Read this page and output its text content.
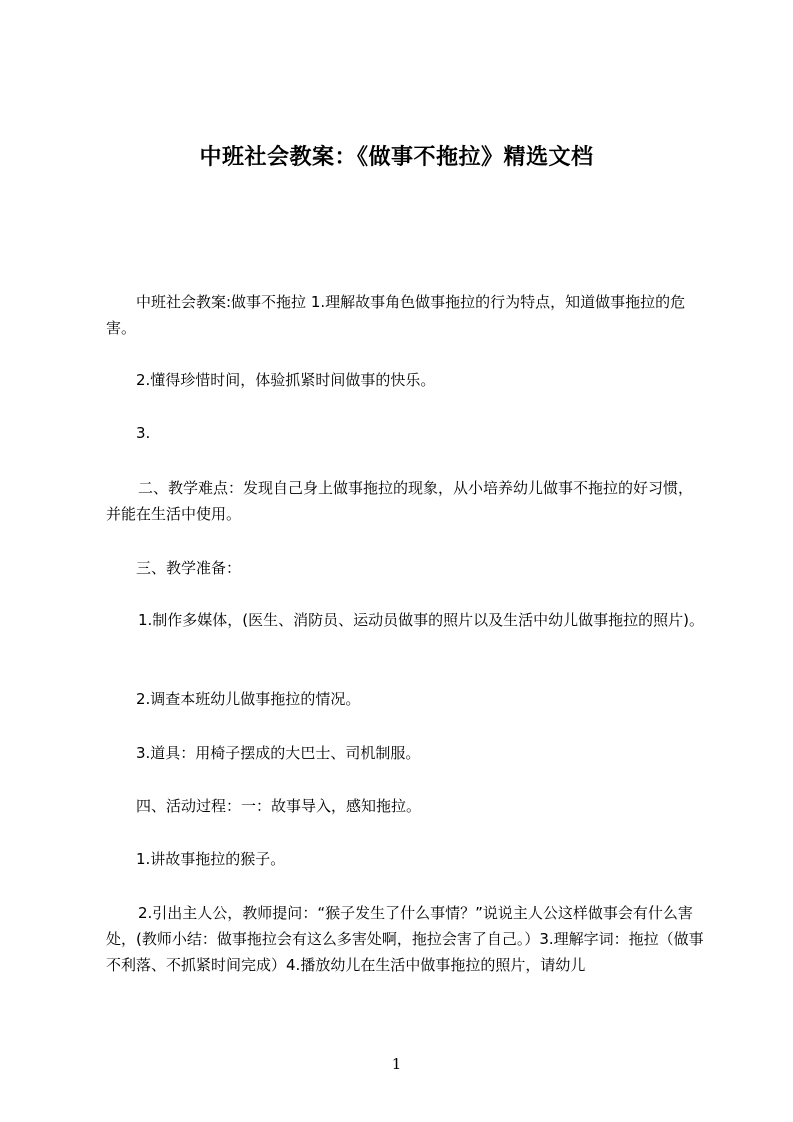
中班社会教案：《做事不拖拉》精选文档
中班社会教案:做事不拖拉 1.理解故事角色做事拖拉的行为特点，知道做事拖拉的危害。
2.懂得珍惜时间，体验抓紧时间做事的快乐。
3.
二、教学难点：发现自己身上做事拖拉的现象，从小培养幼儿做事不拖拉的好习惯，并能在生活中使用。
三、教学准备：
1.制作多媒体，(医生、消防员、运动员做事的照片以及生活中幼儿做事拖拉的照片)。
2.调查本班幼儿做事拖拉的情况。
3.道具：用椅子摆成的大巴士、司机制服。
四、活动过程：一：故事导入，感知拖拉。
1.讲故事拖拉的猴子。
2.引出主人公，教师提问：“猴子发生了什么事情？”说说主人公这样做事会有什么害处，(教师小结：做事拖拉会有这么多害处啊，拖拉会害了自己。）3.理解字词：拖拉（做事不利落、不抓紧时间完成）4.播放幼儿在生活中做事拖拉的照片，请幼儿
1
